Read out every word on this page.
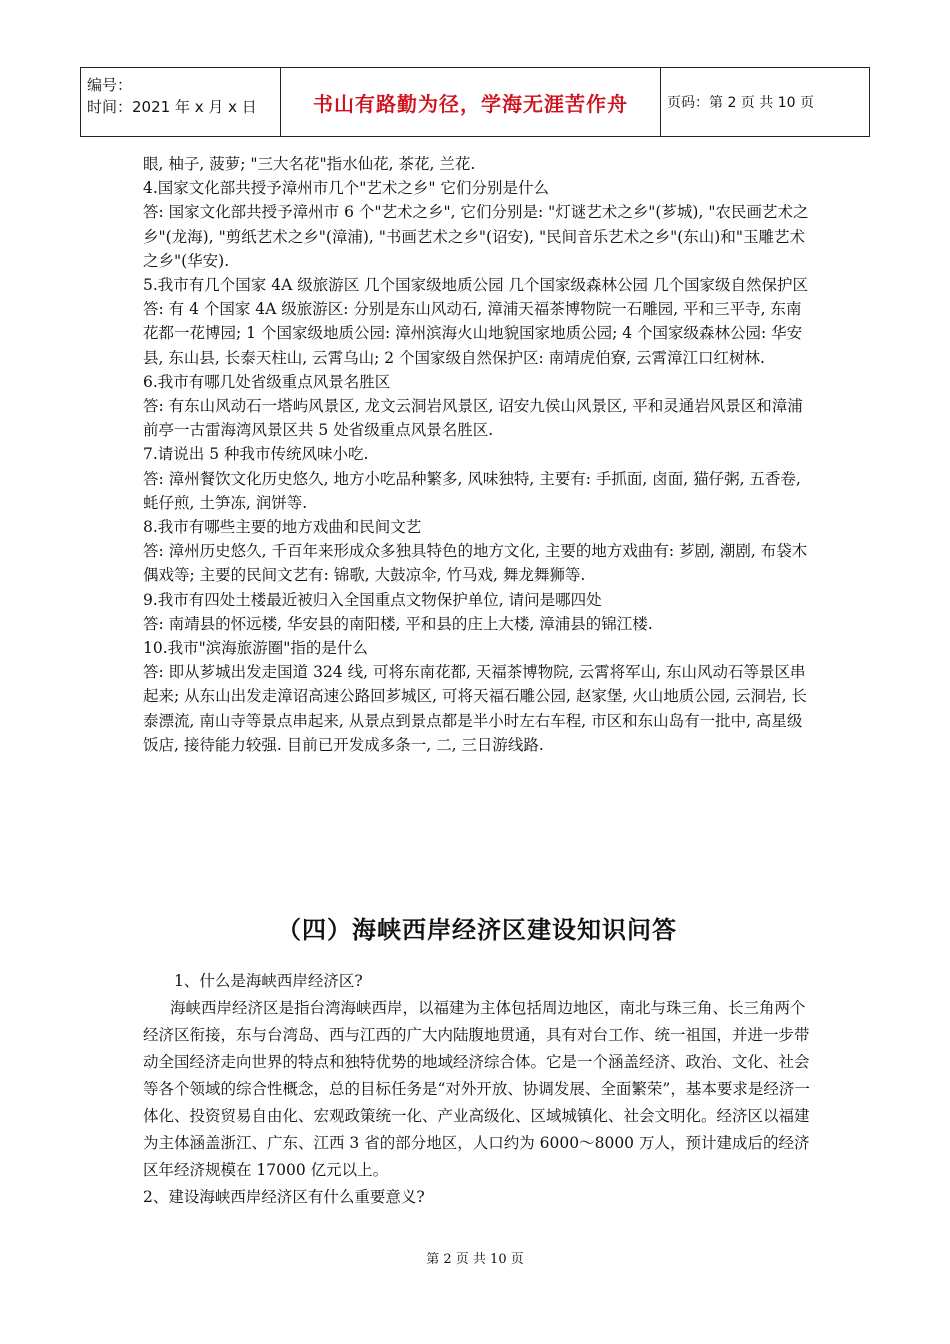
编号：
时间：2021 年 x 月 x 日	书山有路勤为径，学海无涯苦作舟	页码：第 2 页 共 10 页

眼, 柚子, 菠萝; "三大名花"指水仙花, 茶花, 兰花.

4.国家文化部共授予漳州市几个"艺术之乡" 它们分别是什么

答: 国家文化部共授予漳州市 6 个"艺术之乡", 它们分别是: "灯谜艺术之乡"(芗城), "农民画艺术之乡"(龙海), "剪纸艺术之乡"(漳浦), "书画艺术之乡"(诏安), "民间音乐艺术之乡"(东山)和"玉雕艺术之乡"(华安).

5.我市有几个国家 4A 级旅游区 几个国家级地质公园 几个国家级森林公园 几个国家级自然保护区

答: 有 4 个国家 4A 级旅游区: 分别是东山风动石, 漳浦天福茶博物院一石雕园, 平和三平寺, 东南花都一花博园; 1 个国家级地质公园: 漳州滨海火山地貌国家地质公园; 4 个国家级森林公园: 华安县, 东山县, 长泰天柱山, 云霄乌山; 2 个国家级自然保护区: 南靖虎伯寮, 云霄漳江口红树林.

6.我市有哪几处省级重点风景名胜区

答: 有东山风动石一塔屿风景区, 龙文云洞岩风景区, 诏安九侯山风景区, 平和灵通岩风景区和漳浦前亭一古雷海湾风景区共 5 处省级重点风景名胜区.

7.请说出 5 种我市传统风味小吃.

答: 漳州餐饮文化历史悠久, 地方小吃品种繁多, 风味独特, 主要有: 手抓面, 卤面, 猫仔粥, 五香卷, 蚝仔煎, 土笋冻, 润饼等.

8.我市有哪些主要的地方戏曲和民间文艺

答: 漳州历史悠久, 千百年来形成众多独具特色的地方文化, 主要的地方戏曲有: 芗剧, 潮剧, 布袋木偶戏等; 主要的民间文艺有: 锦歌, 大鼓凉伞, 竹马戏, 舞龙舞狮等.

9.我市有四处土楼最近被归入全国重点文物保护单位, 请问是哪四处

答: 南靖县的怀远楼, 华安县的南阳楼, 平和县的庄上大楼, 漳浦县的锦江楼.

10.我市"滨海旅游圈"指的是什么

答: 即从芗城出发走国道 324 线, 可将东南花都, 天福茶博物院, 云霄将军山, 东山风动石等景区串起来; 从东山出发走漳诏高速公路回芗城区, 可将天福石雕公园, 赵家堡, 火山地质公园, 云洞岩, 长泰漂流, 南山寺等景点串起来, 从景点到景点都是半小时左右车程, 市区和东山岛有一批中, 高星级饭店, 接待能力较强. 目前已开发成多条一, 二, 三日游线路.

（四）海峡西岸经济区建设知识问答

1、什么是海峡西岸经济区?

海峡西岸经济区是指台湾海峡西岸，以福建为主体包括周边地区，南北与珠三角、长三角两个经济区衔接，东与台湾岛、西与江西的广大内陆腹地贯通，具有对台工作、统一祖国，并进一步带动全国经济走向世界的特点和独特优势的地域经济综合体。它是一个涵盖经济、政治、文化、社会等各个领域的综合性概念，总的目标任务是“对外开放、协调发展、全面繁荣”，基本要求是经济一体化、投资贸易自由化、宏观政策统一化、产业高级化、区域城镇化、社会文明化。经济区以福建为主体涵盖浙江、广东、江西 3 省的部分地区，人口约为 6000～8000 万人，预计建成后的经济区年经济规模在 17000 亿元以上。

2、建设海峡西岸经济区有什么重要意义?

第 2 页 共 10 页
